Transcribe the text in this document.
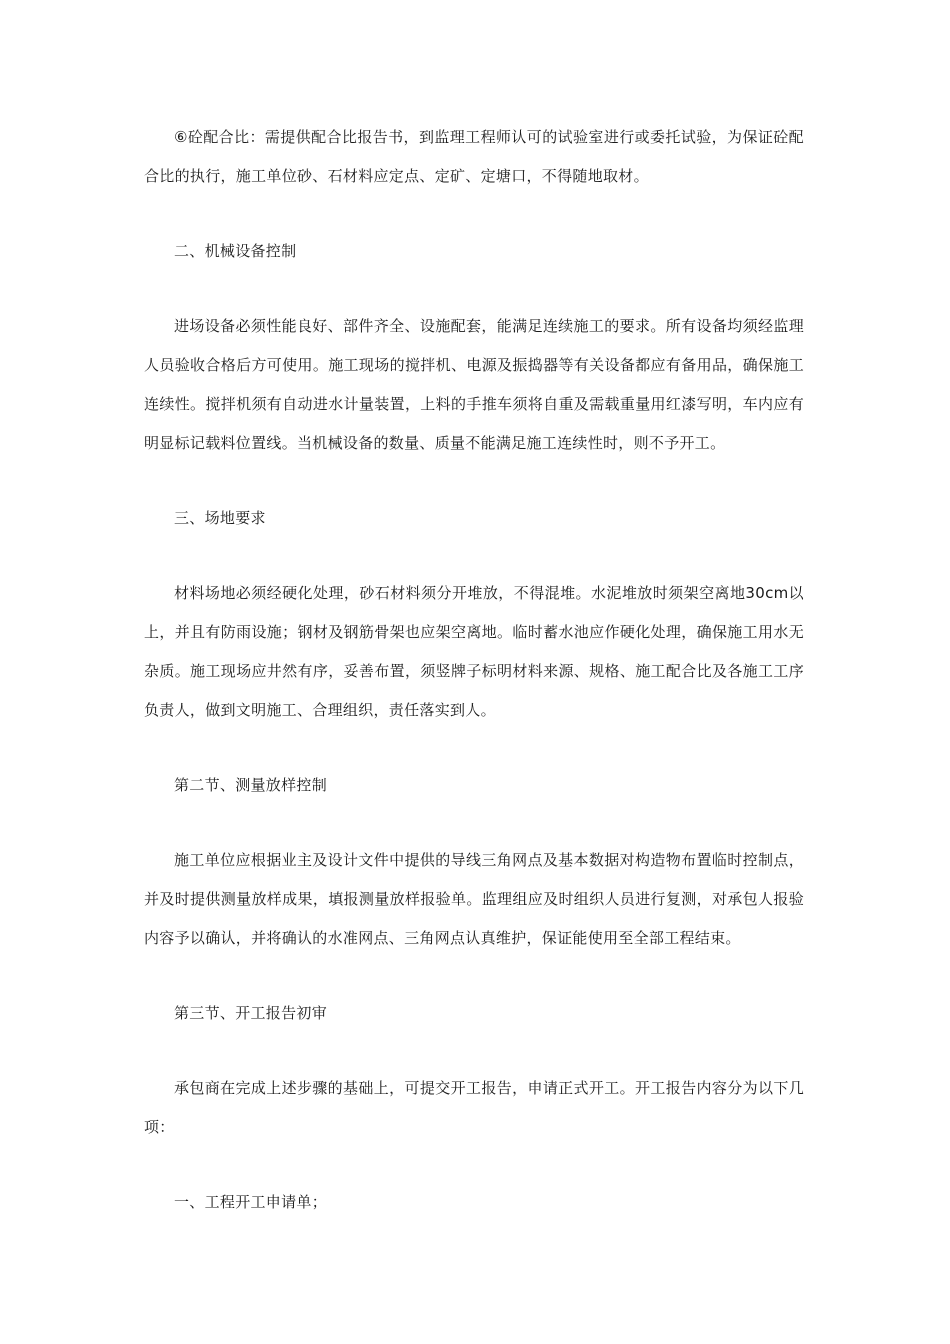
⑥砼配合比：需提供配合比报告书，到监理工程师认可的试验室进行或委托试验，为保证砼配合比的执行，施工单位砂、石材料应定点、定矿、定塘口，不得随地取材。

二、机械设备控制

进场设备必须性能良好、部件齐全、设施配套，能满足连续施工的要求。所有设备均须经监理人员验收合格后方可使用。施工现场的搅拌机、电源及振捣器等有关设备都应有备用品，确保施工连续性。搅拌机须有自动进水计量装置，上料的手推车须将自重及需载重量用红漆写明，车内应有明显标记载料位置线。当机械设备的数量、质量不能满足施工连续性时，则不予开工。

三、场地要求

材料场地必须经硬化处理，砂石材料须分开堆放，不得混堆。水泥堆放时须架空离地30cm以上，并且有防雨设施；钢材及钢筋骨架也应架空离地。临时蓄水池应作硬化处理，确保施工用水无杂质。施工现场应井然有序，妥善布置，须竖牌子标明材料来源、规格、施工配合比及各施工工序负责人，做到文明施工、合理组织，责任落实到人。

第二节、测量放样控制

施工单位应根据业主及设计文件中提供的导线三角网点及基本数据对构造物布置临时控制点，并及时提供测量放样成果，填报测量放样报验单。监理组应及时组织人员进行复测，对承包人报验内容予以确认，并将确认的水准网点、三角网点认真维护，保证能使用至全部工程结束。

第三节、开工报告初审

承包商在完成上述步骤的基础上，可提交开工报告，申请正式开工。开工报告内容分为以下几项：

一、工程开工申请单；
